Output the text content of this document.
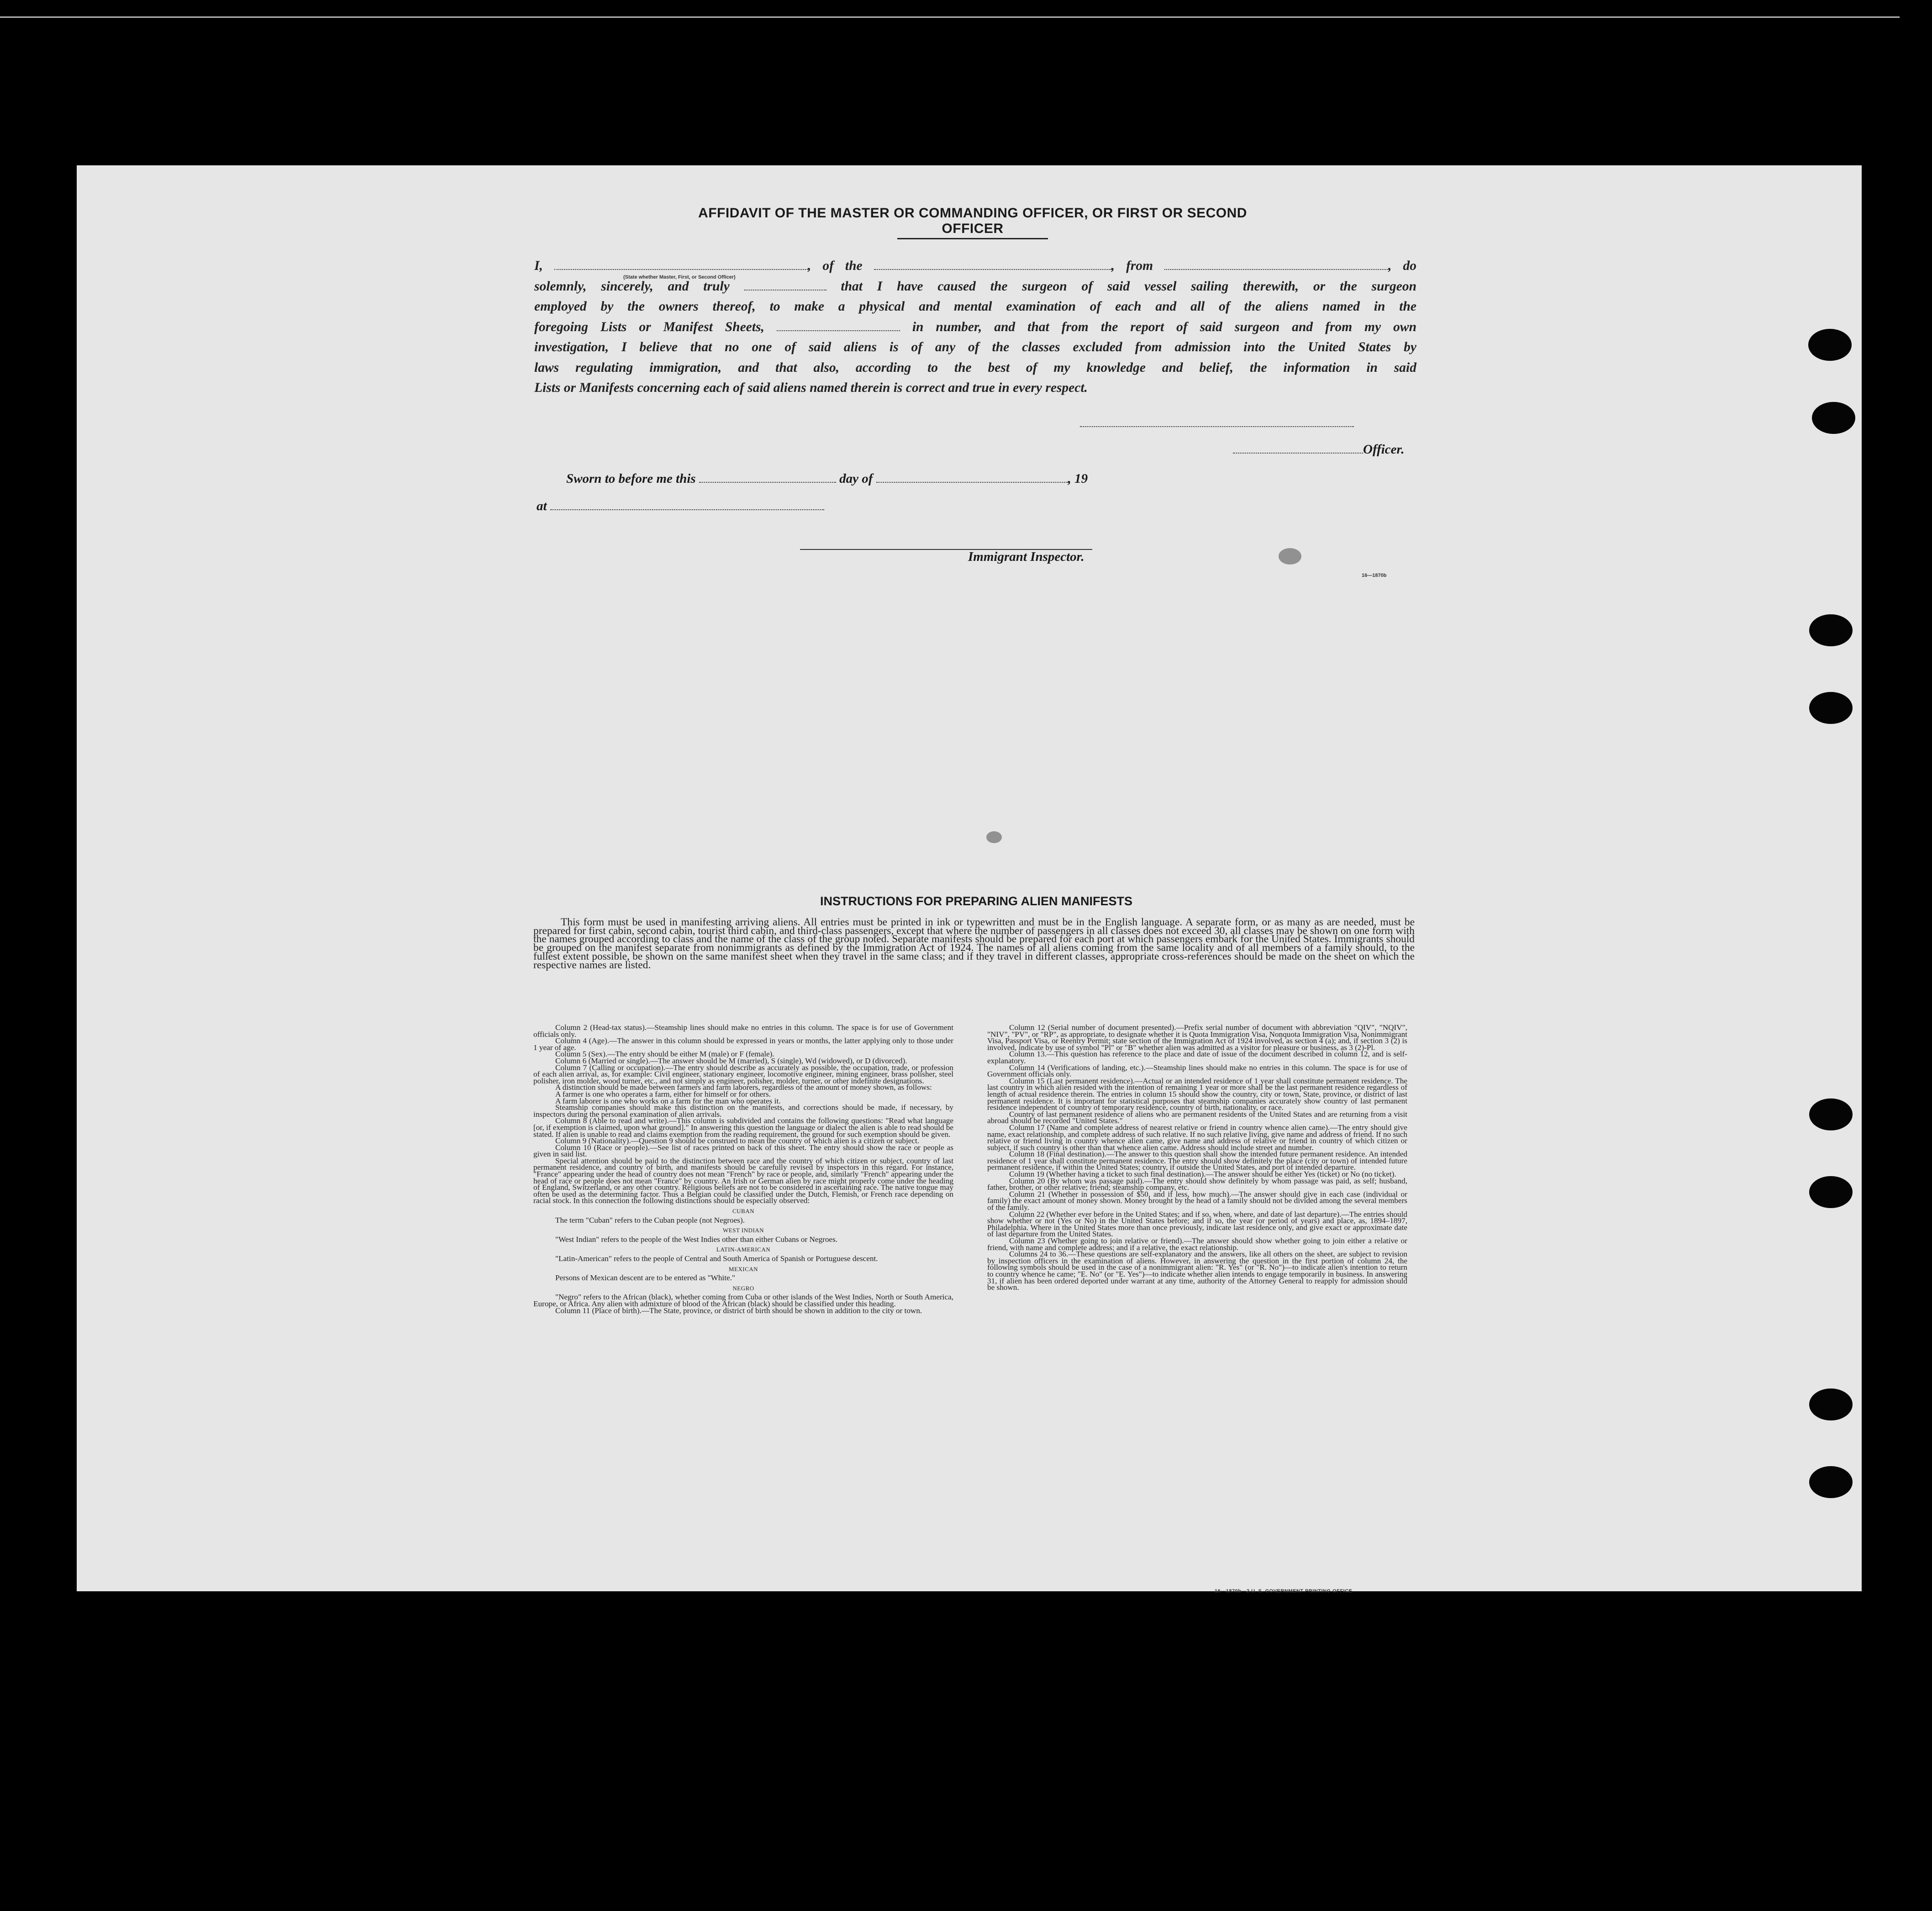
AFFIDAVIT OF THE MASTER OR COMMANDING OFFICER, OR FIRST OR SECOND OFFICER
I,	, of the	, from	, do
solemnly, sincerely, and truly	that I have caused the surgeon of said vessel sailing therewith, or the surgeon
employed by the owners thereof, to make a physical and mental examination of each and all of the aliens named in the
foregoing Lists or Manifest Sheets,	in number, and that from the report of said surgeon and from my own
investigation, I believe that no one of said aliens is of any of the classes excluded from admission into the United States by
laws regulating immigration, and that also, according to the best of my knowledge and belief, the information in said
Lists or Manifests concerning each of said aliens named therein is correct and true in every respect.
(State whether Master, First, or Second Officer)
Officer.
Sworn to before me this	day of	, 19
at
Immigrant Inspector.
16—1870b
INSTRUCTIONS FOR PREPARING ALIEN MANIFESTS
This form must be used in manifesting arriving aliens. All entries must be printed in ink or typewritten and must be in the English language. A separate form, or as many as are needed, must be prepared for first cabin, second cabin, tourist third cabin, and third-class passengers, except that where the number of passengers in all classes does not exceed 30, all classes may be shown on one form with the names grouped according to class and the name of the class of the group noted. Separate manifests should be prepared for each port at which passengers embark for the United States. Immigrants should be grouped on the manifest separate from nonimmigrants as defined by the Immigration Act of 1924. The names of all aliens coming from the same locality and of all members of a family should, to the fullest extent possible, be shown on the same manifest sheet when they travel in the same class; and if they travel in different classes, appropriate cross-references should be made on the sheet on which the respective names are listed.

Column 2 (Head-tax status).—Steamship lines should make no entries in this column. The space is for use of Government officials only.

Column 4 (Age).—The answer in this column should be expressed in years or months, the latter applying only to those under 1 year of age.

Column 5 (Sex).—The entry should be either M (male) or F (female).

Column 6 (Married or single).—The answer should be M (married), S (single), Wd (widowed), or D (divorced).

Column 7 (Calling or occupation).—The entry should describe as accurately as possible, the occupation, trade, or profession of each alien arrival, as, for example: Civil engineer, stationary engineer, locomotive engineer, mining engineer, brass polisher, steel polisher, iron molder, wood turner, etc., and not simply as engineer, polisher, molder, turner, or other indefinite designations.

A distinction should be made between farmers and farm laborers, regardless of the amount of money shown, as follows:

A farmer is one who operates a farm, either for himself or for others.

A farm laborer is one who works on a farm for the man who operates it.

Steamship companies should make this distinction on the manifests, and corrections should be made, if necessary, by inspectors during the personal examination of alien arrivals.

Column 8 (Able to read and write).—This column is subdivided and contains the following questions: "Read what language [or, if exemption is claimed, upon what ground]." In answering this question the language or dialect the alien is able to read should be stated. If alien is unable to read and claims exemption from the reading requirement, the ground for such exemption should be given.

Column 9 (Nationality).—Question 9 should be construed to mean the country of which alien is a citizen or subject.

Column 10 (Race or people).—See list of races printed on back of this sheet. The entry should show the race or people as given in said list.

Special attention should be paid to the distinction between race and the country of which citizen or subject, country of last permanent residence, and country of birth, and manifests should be carefully revised by inspectors in this regard. For instance, "France" appearing under the head of country does not mean "French" by race or people, and, similarly "French" appearing under the head of race or people does not mean "France" by country. An Irish or German alien by race might properly come under the heading of England, Switzerland, or any other country. Religious beliefs are not to be considered in ascertaining race. The native tongue may often be used as the determining factor. Thus a Belgian could be classified under the Dutch, Flemish, or French race depending on racial stock. In this connection the following distinctions should be especially observed:

CUBAN

The term "Cuban" refers to the Cuban people (not Negroes).

WEST INDIAN

"West Indian" refers to the people of the West Indies other than either Cubans or Negroes.

LATIN-AMERICAN

"Latin-American" refers to the people of Central and South America of Spanish or Portuguese descent.

MEXICAN

Persons of Mexican descent are to be entered as "White."

NEGRO

"Negro" refers to the African (black), whether coming from Cuba or other islands of the West Indies, North or South America, Europe, or Africa. Any alien with admixture of blood of the African (black) should be classified under this heading.

Column 11 (Place of birth).—The State, province, or district of birth should be shown in addition to the city or town.

Column 12 (Serial number of document presented).—Prefix serial number of document with abbreviation "QIV", "NQIV", "NIV", "PV", or "RP", as appropriate, to designate whether it is Quota Immigration Visa, Nonquota Immigration Visa, Nonimmigrant Visa, Passport Visa, or Reentry Permit; state section of the Immigration Act of 1924 involved, as section 4 (a); and, if section 3 (2) is involved, indicate by use of symbol "Pl" or "B" whether alien was admitted as a visitor for pleasure or business, as 3 (2)-Pl.

Column 13.—This question has reference to the place and date of issue of the document described in column 12, and is self-explanatory.

Column 14 (Verifications of landing, etc.).—Steamship lines should make no entries in this column. The space is for use of Government officials only.

Column 15 (Last permanent residence).—Actual or an intended residence of 1 year shall constitute permanent residence. The last country in which alien resided with the intention of remaining 1 year or more shall be the last permanent residence regardless of length of actual residence therein. The entries in column 15 should show the country, city or town, State, province, or district of last permanent residence. It is important for statistical purposes that steamship companies accurately show country of last permanent residence independent of country of temporary residence, country of birth, nationality, or race.

Country of last permanent residence of aliens who are permanent residents of the United States and are returning from a visit abroad should be recorded "United States."

Column 17 (Name and complete address of nearest relative or friend in country whence alien came).—The entry should give name, exact relationship, and complete address of such relative. If no such relative living, give name and address of friend. If no such relative or friend living in country whence alien came, give name and address of relative or friend in country of which citizen or subject, if such country is other than that whence alien came. Address should include street and number.

Column 18 (Final destination).—The answer to this question shall show the intended future permanent residence. An intended residence of 1 year shall constitute permanent residence. The entry should show definitely the place (city or town) of intended future permanent residence, if within the United States; country, if outside the United States, and port of intended departure.

Column 19 (Whether having a ticket to such final destination).—The answer should be either Yes (ticket) or No (no ticket).

Column 20 (By whom was passage paid).—The entry should show definitely by whom passage was paid, as self; husband, father, brother, or other relative; friend; steamship company, etc.

Column 21 (Whether in possession of $50, and if less, how much).—The answer should give in each case (individual or family) the exact amount of money shown. Money brought by the head of a family should not be divided among the several members of the family.

Column 22 (Whether ever before in the United States; and if so, when, where, and date of last departure).—The entries should show whether or not (Yes or No) in the United States before; and if so, the year (or period of years) and place, as, 1894–1897, Philadelphia. Where in the United States more than once previously, indicate last residence only, and give exact or approximate date of last departure from the United States.

Column 23 (Whether going to join relative or friend).—The answer should show whether going to join either a relative or friend, with name and complete address; and if a relative, the exact relationship.

Columns 24 to 36.—These questions are self-explanatory and the answers, like all others on the sheet, are subject to revision by inspection officers in the examination of aliens. However, in answering the question in the first portion of column 24, the following symbols should be used in the case of a nonimmigrant alien: "R. Yes" (or "R. No")—to indicate alien's intention to return to country whence he came; "E. No" (or "E. Yes")—to indicate whether alien intends to engage temporarily in business. In answering 31, if alien has been ordered deported under warrant at any time, authority of the Attorney General to reapply for admission should be shown.

16—1870b—2 U. S. GOVERNMENT PRINTING OFFICE
